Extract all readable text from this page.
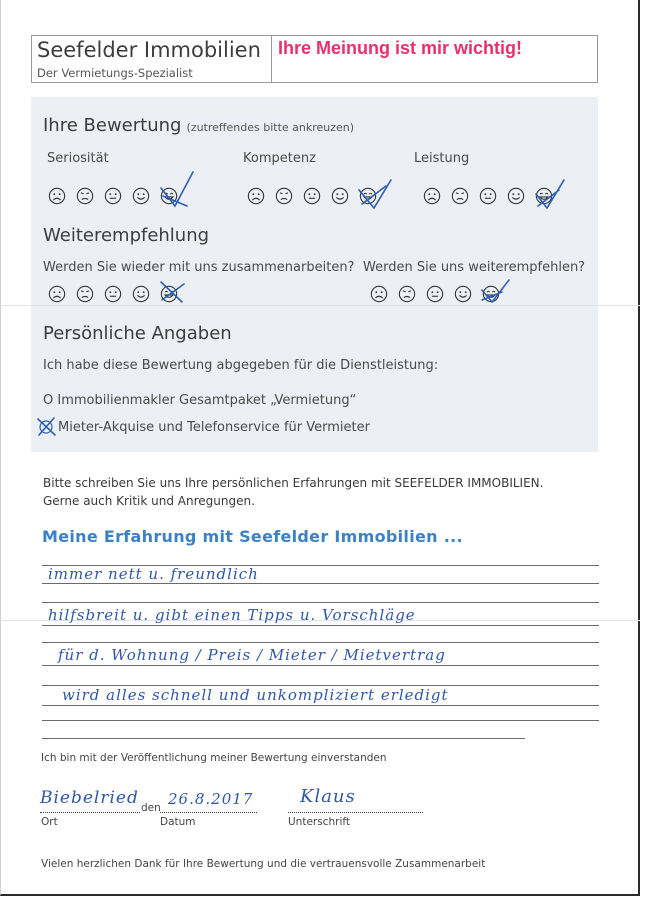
Seefelder Immobilien
Der Vermietungs-Spezialist
Ihre Meinung ist mir wichtig!
Ihre Bewertung (zutreffendes bitte ankreuzen)
Seriosität	Kompetenz	Leistung
Weiterempfehlung
Werden Sie wieder mit uns zusammenarbeiten? Werden Sie uns weiterempfehlen?
Persönliche Angaben
Ich habe diese Bewertung abgegeben für die Dienstleistung:
O Immobilienmakler Gesamtpaket „Vermietung“
Mieter-Akquise und Telefonservice für Vermieter
Bitte schreiben Sie uns Ihre persönlichen Erfahrungen mit SEEFELDER IMMOBILIEN.
Gerne auch Kritik und Anregungen.
Meine Erfahrung mit Seefelder Immobilien ...
immer nett u. freundlich
hilfsbreit u. gibt einen Tipps u. Vorschläge
für d. Wohnung / Preis / Mieter / Mietvertrag
wird alles schnell und unkompliziert erledigt
Ich bin mit der Veröffentlichung meiner Bewertung einverstanden
Biebelried den 26.8.2017	Klaus
Ort	Datum	Unterschrift
Vielen herzlichen Dank für Ihre Bewertung und die vertrauensvolle Zusammenarbeit
